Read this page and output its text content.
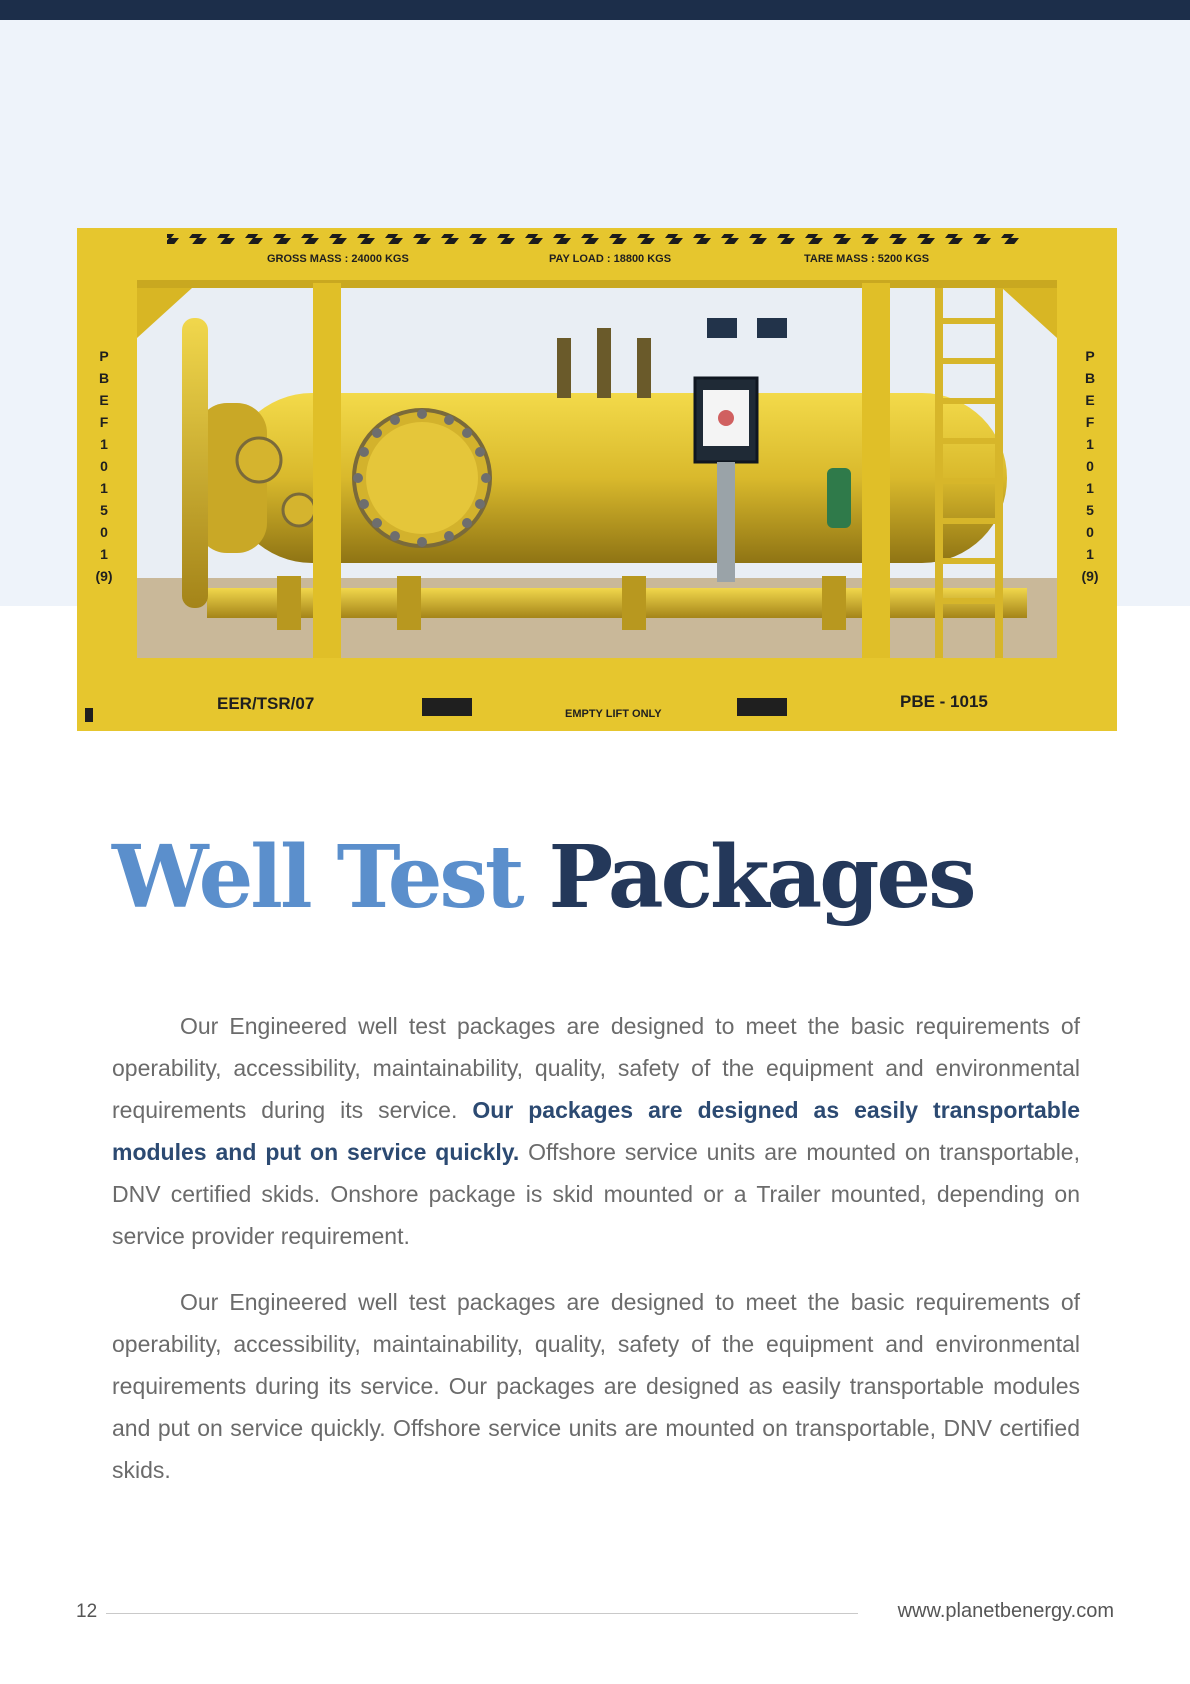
GROSS MASS : 24000 KGS	PAY LOAD : 18800 KGS	TARE MASS : 5200 KGS
EER/TSR/07
EMPTY LIFT ONLY
PBE - 1015
P
B
E
F
1
0
1
5
0
1
(9)
P
B
E
F
1
0
1
5
0
1
(9)
Well Test Packages

Our Engineered well test packages are designed to meet the basic requirements of operability, accessibility, maintainability, quality, safety of the equipment and environmental requirements during its service. Our packages are designed as easily transportable modules and put on service quickly. Offshore service units are mounted on transportable, DNV certified skids. Onshore package is skid mounted or a Trailer mounted, depending on service provider requirement.

Our Engineered well test packages are designed to meet the basic requirements of operability, accessibility, maintainability, quality, safety of the equipment and environmental requirements during its service. Our packages are designed as easily transportable modules and put on service quickly. Offshore service units are mounted on transportable, DNV certified skids.

12	www.planetbenergy.com
